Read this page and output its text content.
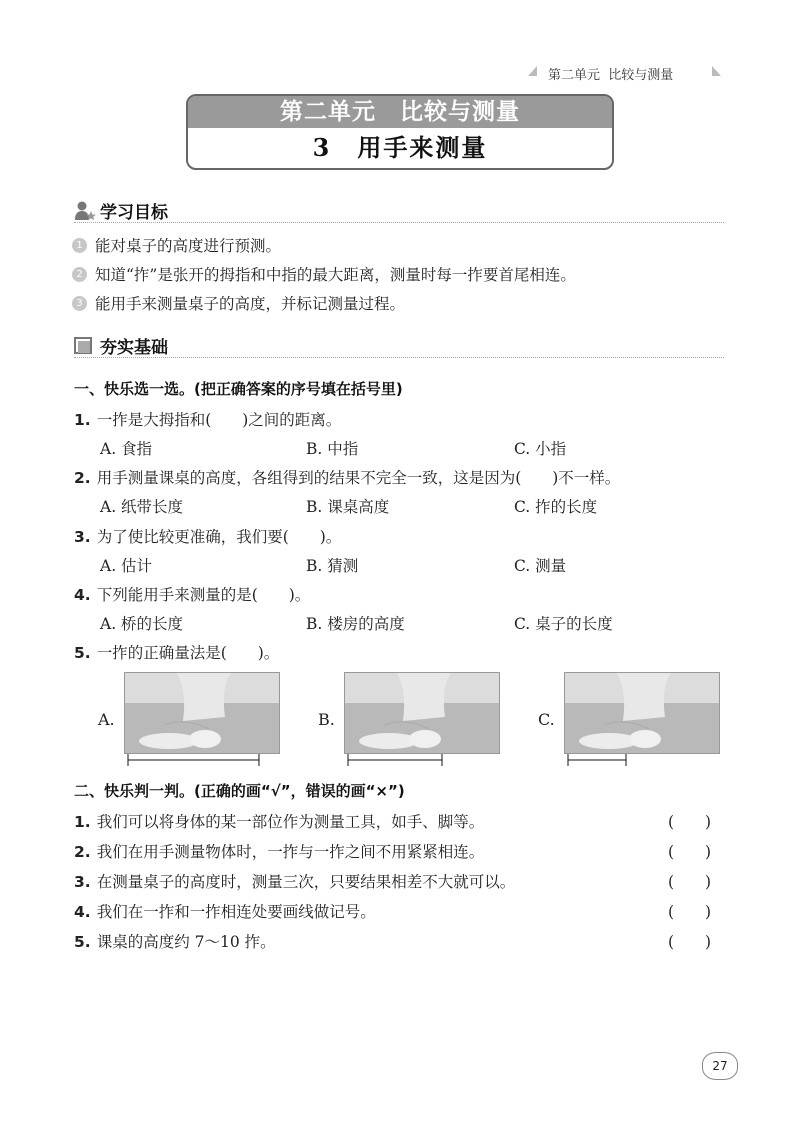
第二单元 比较与测量
第二单元　比较与测量
3　用手来测量
学习目标
1 能对桌子的高度进行预测。
2 知道“拃”是张开的拇指和中指的最大距离，测量时每一拃要首尾相连。
3 能用手来测量桌子的高度，并标记测量过程。
夯实基础
一、快乐选一选。(把正确答案的序号填在括号里)
1. 一拃是大拇指和(　　)之间的距离。
A. 食指	B. 中指	C. 小指
2. 用手测量课桌的高度，各组得到的结果不完全一致，这是因为(　　)不一样。
A. 纸带长度	B. 课桌高度	C. 拃的长度
3. 为了使比较更准确，我们要(　　)。
A. 估计	B. 猜测	C. 测量
4. 下列能用手来测量的是(　　)。
A. 桥的长度	B. 楼房的高度	C. 桌子的长度
5. 一拃的正确量法是(　　)。
A.	B.	C.
二、快乐判一判。(正确的画“√”，错误的画“×”)
1. 我们可以将身体的某一部位作为测量工具，如手、脚等。	(　　)
2. 我们在用手测量物体时，一拃与一拃之间不用紧紧相连。	(　　)
3. 在测量桌子的高度时，测量三次，只要结果相差不大就可以。	(　　)
4. 我们在一拃和一拃相连处要画线做记号。	(　　)
5. 课桌的高度约 7～10 拃。	(　　)
27
